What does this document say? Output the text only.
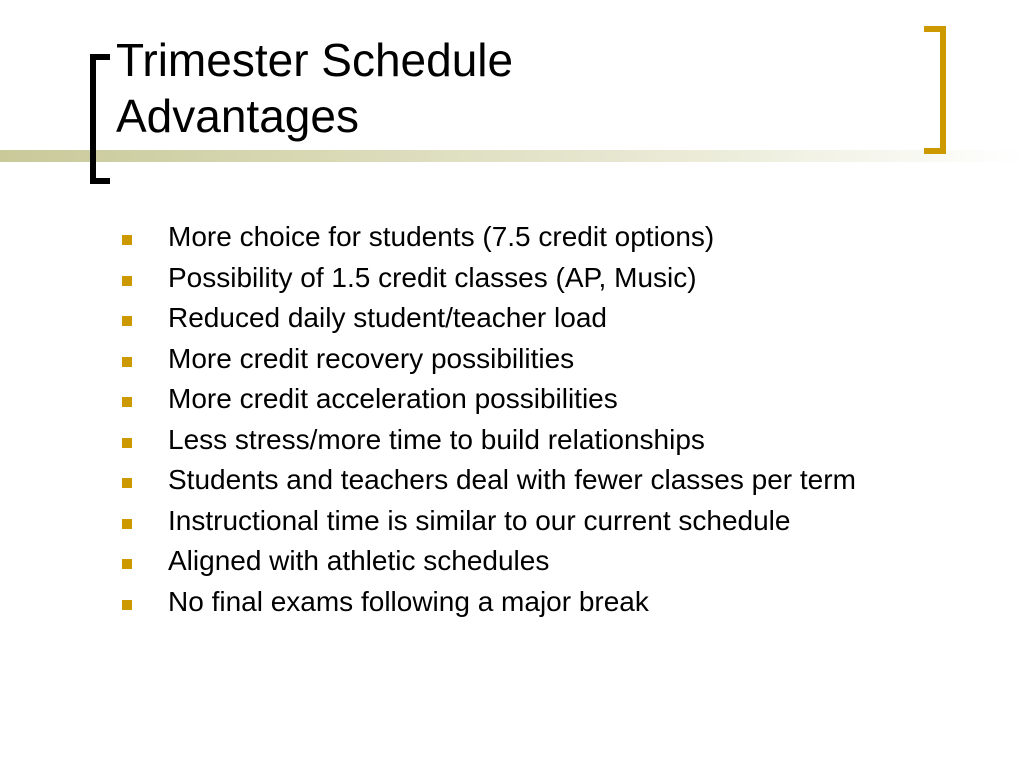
Trimester Schedule
Advantages
More choice for students (7.5 credit options)
Possibility of 1.5 credit classes (AP, Music)
Reduced daily student/teacher load
More credit recovery possibilities
More credit acceleration possibilities
Less stress/more time to build relationships
Students and teachers deal with fewer classes per term
Instructional time is similar to our current schedule
Aligned with athletic schedules
No final exams following a major break
